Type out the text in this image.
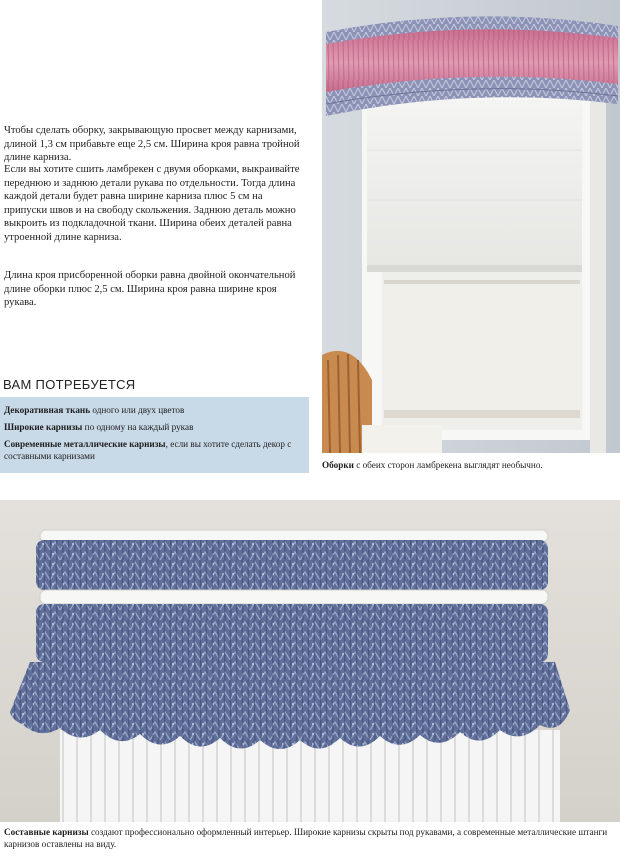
Чтобы сделать оборку, закрывающую просвет между карнизами, длиной 1,3 см прибавьте еще 2,5 см. Ширина кроя равна тройной длине карниза.

Если вы хотите сшить ламбрекен с двумя оборками, выкраивайте переднюю и заднюю детали рукава по отдельности. Тогда длина каждой детали будет равна ширине карниза плюс 5 см на припуски швов и на свободу скольжения. Заднюю деталь можно выкроить из подкладочной ткани. Ширина обеих деталей равна утроенной длине карниза.

Длина кроя присборенной оборки равна двойной окончательной длине оборки плюс 2,5 см. Ширина кроя равна ширине кроя рукава.

ВАМ ПОТРЕБУЕТСЯ

Декоративная ткань одного или двух цветов

Широкие карнизы по одному на каждый рукав

Современные металлические карнизы, если вы хотите сделать декор с составными карнизами

Оборки с обеих сторон ламбрекена выглядят необычно.
Составные карнизы создают профессионально оформленный интерьер. Широкие карнизы скрыты под рукавами, а современные металлические штанги карнизов оставлены на виду.
